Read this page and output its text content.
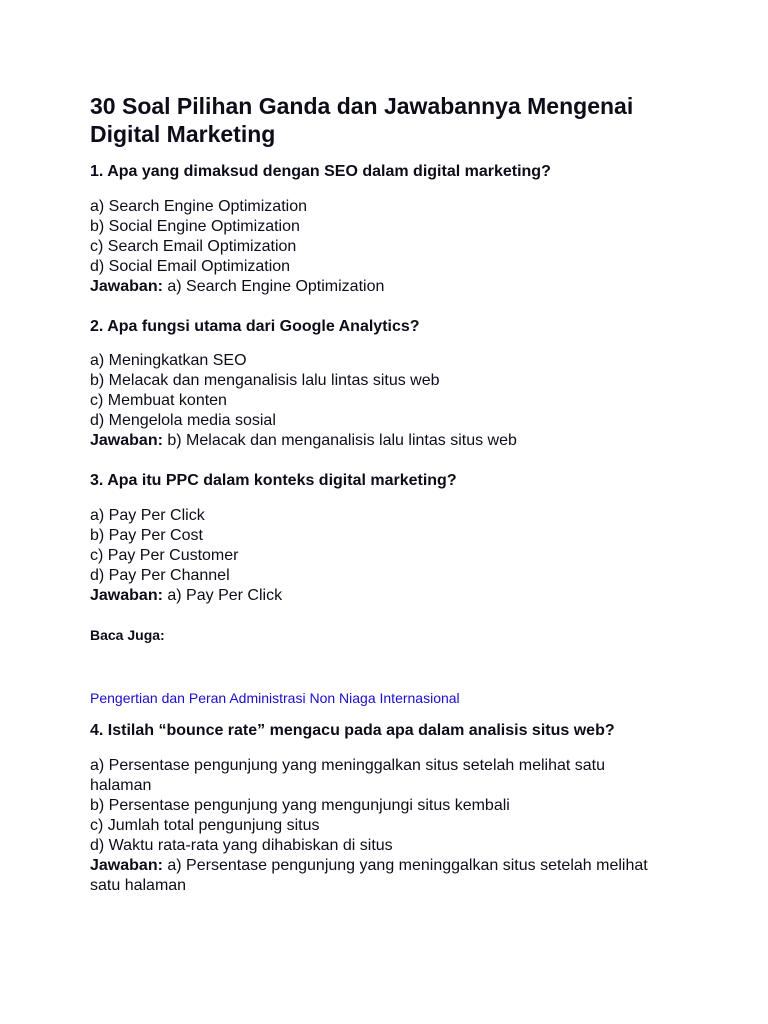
30 Soal Pilihan Ganda dan Jawabannya Mengenai Digital Marketing

1. Apa yang dimaksud dengan SEO dalam digital marketing?

a) Search Engine Optimization
b) Social Engine Optimization
c) Search Email Optimization
d) Social Email Optimization
Jawaban: a) Search Engine Optimization

2. Apa fungsi utama dari Google Analytics?

a) Meningkatkan SEO
b) Melacak dan menganalisis lalu lintas situs web
c) Membuat konten
d) Mengelola media sosial
Jawaban: b) Melacak dan menganalisis lalu lintas situs web

3. Apa itu PPC dalam konteks digital marketing?

a) Pay Per Click
b) Pay Per Cost
c) Pay Per Customer
d) Pay Per Channel
Jawaban: a) Pay Per Click

Baca Juga:

Pengertian dan Peran Administrasi Non Niaga Internasional

4. Istilah “bounce rate” mengacu pada apa dalam analisis situs web?

a) Persentase pengunjung yang meninggalkan situs setelah melihat satu halaman
b) Persentase pengunjung yang mengunjungi situs kembali
c) Jumlah total pengunjung situs
d) Waktu rata-rata yang dihabiskan di situs
Jawaban: a) Persentase pengunjung yang meninggalkan situs setelah melihat satu halaman
